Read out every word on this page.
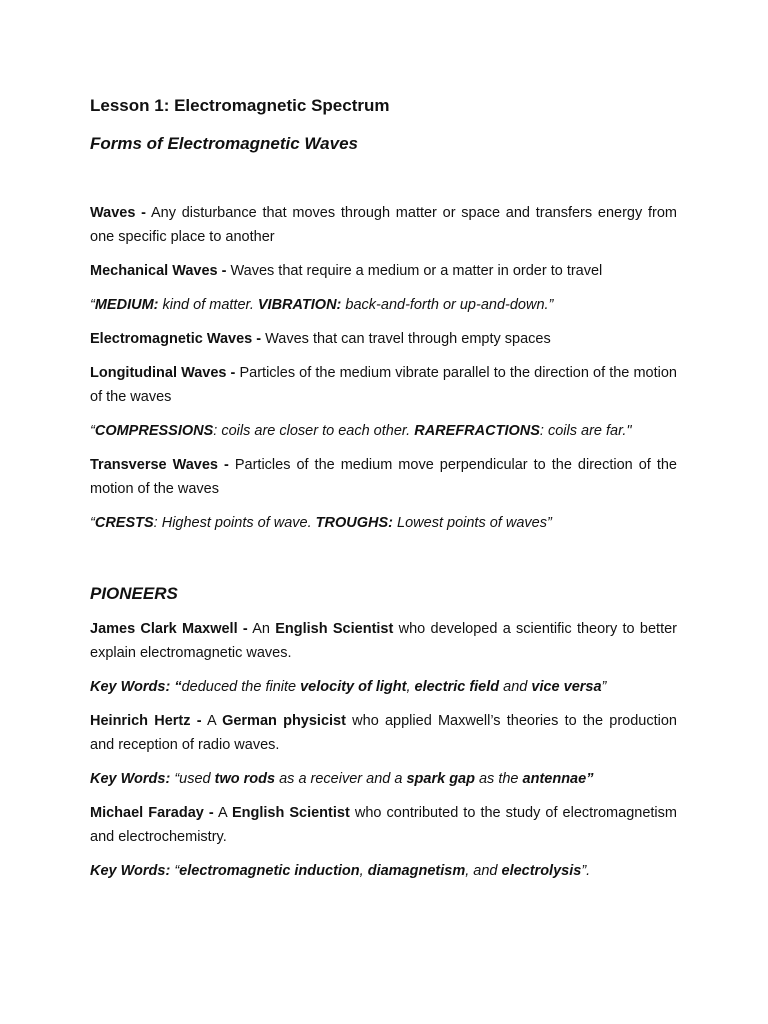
Lesson 1: Electromagnetic Spectrum
Forms of Electromagnetic Waves

Waves - Any disturbance that moves through matter or space and transfers energy from one specific place to another

Mechanical Waves - Waves that require a medium or a matter in order to travel

“MEDIUM: kind of matter. VIBRATION: back-and-forth or up-and-down.”

Electromagnetic Waves - Waves that can travel through empty spaces

Longitudinal Waves - Particles of the medium vibrate parallel to the direction of the motion of the waves

“COMPRESSIONS: coils are closer to each other. RAREFRACTIONS: coils are far."

Transverse Waves - Particles of the medium move perpendicular to the direction of the motion of the waves

“CRESTS: Highest points of wave. TROUGHS: Lowest points of waves”

PIONEERS

James Clark Maxwell - An English Scientist who developed a scientific theory to better explain electromagnetic waves.

Key Words: “deduced the finite velocity of light, electric field and vice versa”

Heinrich Hertz - A German physicist who applied Maxwell’s theories to the production and reception of radio waves.

Key Words: “used two rods as a receiver and a spark gap as the antennae”

Michael Faraday - A English Scientist who contributed to the study of electromagnetism and electrochemistry.

Key Words: “electromagnetic induction, diamagnetism, and electrolysis”.
